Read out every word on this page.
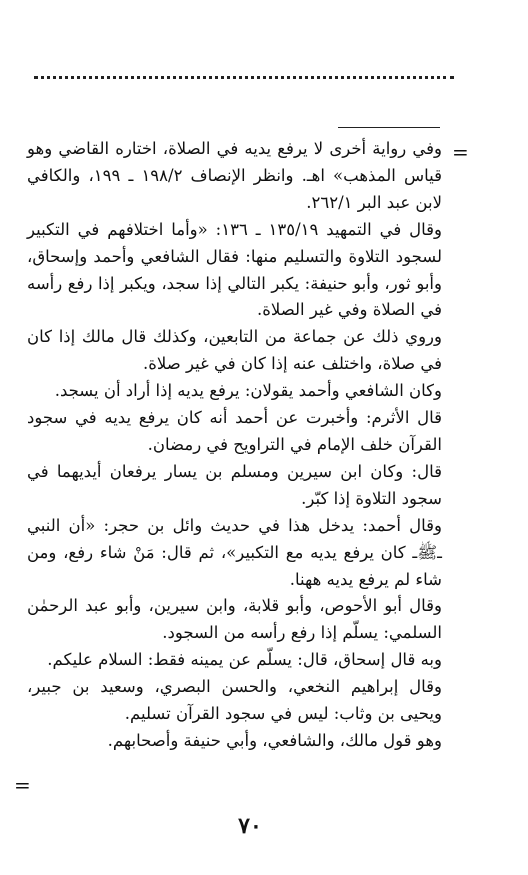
=

وفي رواية أخرى لا يرفع يديه في الصلاة، اختاره القاضي وهو قياس المذهب» اهـ. وانظر الإنصاف ١٩٨/٢ ـ ١٩٩، والكافي لابن عبد البر ٢٦٢/١.

وقال في التمهيد ١٣٥/١٩ ـ ١٣٦: «وأما اختلافهم في التكبير لسجود التلاوة والتسليم منها: فقال الشافعي وأحمد وإسحاق، وأبو ثور، وأبو حنيفة: يكبر التالي إذا سجد، ويكبر إذا رفع رأسه في الصلاة وفي غير الصلاة.

وروي ذلك عن جماعة من التابعين، وكذلك قال مالك إذا كان في صلاة، واختلف عنه إذا كان في غير صلاة.

وكان الشافعي وأحمد يقولان: يرفع يديه إذا أراد أن يسجد.

قال الأثرم: وأخبرت عن أحمد أنه كان يرفع يديه في سجود القرآن خلف الإمام في التراويح في رمضان.

قال: وكان ابن سيرين ومسلم بن يسار يرفعان أيديهما في سجود التلاوة إذا كبّر.

وقال أحمد: يدخل هذا في حديث وائل بن حجر: «أن النبي ـﷺـ كان يرفع يديه مع التكبير»، ثم قال: مَنْ شاء رفع، ومن شاء لم يرفع يديه ههنا.

وقال أبو الأحوص، وأبو قلابة، وابن سيرين، وأبو عبد الرحمٰن السلمي: يسلّم إذا رفع رأسه من السجود.

وبه قال إسحاق، قال: يسلّم عن يمينه فقط: السلام عليكم.

وقال إبراهيم النخعي، والحسن البصري، وسعيد بن جبير، ويحيى بن وثاب: ليس في سجود القرآن تسليم.

وهو قول مالك، والشافعي، وأبي حنيفة وأصحابهم.

=
٧٠
